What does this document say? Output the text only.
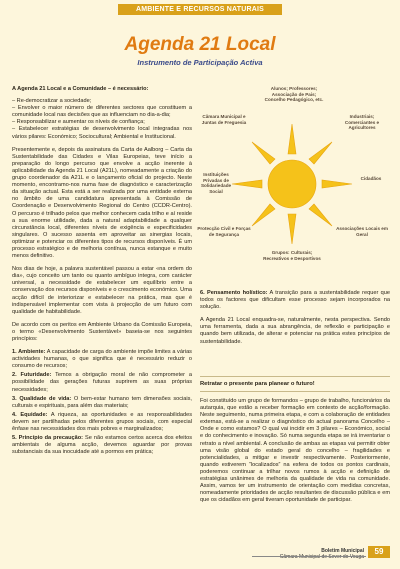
AMBIENTE E RECURSOS NATURAIS
Agenda 21 Local
Instrumento de Participação Activa

A Agenda 21 Local e a Comunidade – é necessário:

– Re-democratizar a sociedade;
– Envolver o maior número de diferentes sectores que constituem a comunidade local nas decisões que as influenciam no dia-a-dia;
– Responsabilizar e aumentar os níveis de confiança;
– Estabelecer estratégias de desenvolvimento local integradas nos vários pilares: Económico; Sociocultural; Ambiental e Institucional.

Presentemente e, depois da assinatura da Carta de Aalborg – Carta da Sustentabilidade das Cidades e Vilas Europeias, teve início a preparação do longo percurso que envolve a acção inerente à aplicabilidade da Agenda 21 Local (A21L), nomeadamente a criação do grupo coordenador da A21L e o lançamento oficial do projecto. Neste momento, encontramo-nos numa fase de diagnóstico e caracterização da situação actual. Esta está a ser realizada por uma entidade externa no âmbito de uma candidatura apresentada à Comissão de Coordenação e Desenvolvimento Regional do Centro (CCDR-Centro). O percurso é trilhado pelos que melhor conhecem cada trilho e aí reside a sua enorme utilidade, dada a natural adaptabilidade a qualquer circunstância local, diferentes níveis de exigência e especificidades singulares. O sucesso assenta em aproveitar as sinergias locais, optimizar e potenciar os diferentes tipos de recursos disponíveis. É um processo estratégico e de melhoria contínua, nunca estanque e muito menos definitivo.

Nos dias de hoje, a palavra sustentável passou a estar «na ordem do dia», cujo conceito um tanto ou quanto ambíguo integra, com carácter universal, a necessidade de estabelecer um equilíbrio entre a conservação dos recursos disponíveis e o crescimento económico. Uma acção difícil de interiorizar e estabelecer na prática, mas que é indispensável implementar com vista à projecção de um futuro com qualidade de habitabilidade.

De acordo com os peritos em Ambiente Urbano da Comissão Europeia, o termo «Desenvolvimento Sustentável» baseia-se nos seguintes princípios:

1. Ambiente: A capacidade de carga do ambiente impõe limites a várias actividades humanas, o que significa que é necessário reduzir o consumo de recursos;
2. Futuridade: Temos a obrigação moral de não comprometer a possibilidade das gerações futuras suprirem as suas próprias necessidades;
3. Qualidade de vida: O bem-estar humano tem dimensões sociais, culturais e espirituais, para além das materiais;
4. Equidade: A riqueza, as oportunidades e as responsabilidades devem ser partilhadas pelos diferentes grupos sociais, com especial ênfase nas necessidades dos mais pobres e marginalizados;
5. Princípio da precaução: Se não estamos certos acerca dos efeitos ambientais de alguma acção, devemos aguardar por provas substanciais da sua inocuidade até a pormos em prática;
Alunos; Professores; Associação de Pais; Concelho Pedagógico, etc.
Câmara Municipal e Juntas de Freguesia
Industriais; Comerciantes e Agricultores
Instituições Privadas de Solidariedade Social
Cidadãos
Protecção Civil e Forças de Segurança
Associações Locais em Geral
Grupos: Culturais; Recreativos e Desportivos

6. Pensamento holístico: A transição para a sustentabilidade requer que todos os factores que dificultam esse processo sejam incorporados na solução.

A Agenda 21 Local enquadra-se, naturalmente, nesta perspectiva. Sendo uma ferramenta, dada a sua abrangência, de reflexão e participação e quando bem utilizada, de alterar e potenciar na prática estes princípios de sustentabilidade.

Retratar o presente para planear o futuro!

Foi constituído um grupo de formandos – grupo de trabalho, funcionários da autarquia, que estão a receber formação em contexto de acção/formação. Neste seguimento, numa primeira etapa, e com a colaboração de entidades externas, está-se a realizar o diagnóstico do actual panorama Concelho – Onde e como estamos? O qual vai incidir em 3 pilares – Económico, social e do conhecimento e inovação. Só numa segunda etapa se irá inventariar o retrato a nível ambiental. A conclusão de ambas as etapas vai permitir obter uma visão global do estado geral do concelho – fragilidades e potencialidades, a mitigar e investir respectivamente. Posteriormente, quando estiverem “localizados” na esfera de todos os pontos cardinais, poderemos continuar a trilhar novos rumos à acção e definição de estratégias unânimes de melhoria da qualidade de vida na comunidade. Assim, vamos ter um instrumento de orientação com medidas concretas, nomeadamente prioridades de acção resultantes de discussão pública e em que os cidadãos em geral tiveram oportunidade de participar.

Boletim Municipal
Câmara Municipal de Sever do Vouga
59
